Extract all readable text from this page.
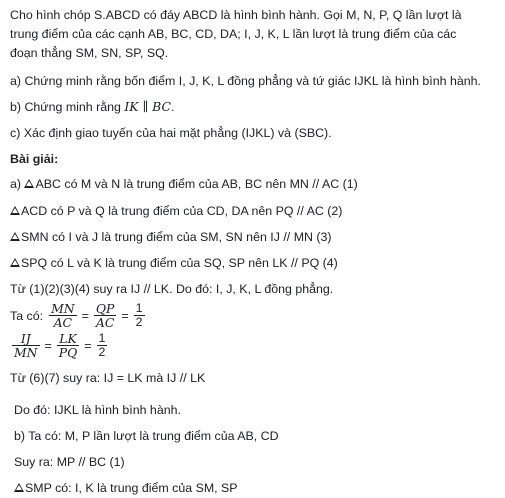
Cho hình chóp S.ABCD có đáy ABCD là hình bình hành. Gọi M, N, P, Q lần lượt là trung điểm của các cạnh AB, BC, CD, DA; I, J, K, L lần lượt là trung điểm của các đoạn thẳng SM, SN, SP, SQ.
a) Chứng minh rằng bốn điểm I, J, K, L đồng phẳng và tứ giác IJKL là hình bình hành.
b) Chứng minh rằng IK ∥ BC.
c) Xác định giao tuyến của hai mặt phẳng (IJKL) và (SBC).
Bài giải:
a) ABC có M và N là trung điểm của AB, BC nên MN // AC (1)
ACD có P và Q là trung điểm của CD, DA nên PQ // AC (2)
SMN có I và J là trung điểm của SM, SN nên IJ // MN (3)
SPQ có L và K là trung điểm của SQ, SP nên LK // PQ (4)
Từ (1)(2)(3)(4) suy ra IJ // LK. Do đó: I, J, K, L đồng phẳng.
Ta có: $\frac{MN}{AC} = \frac{QP}{AC} = \frac{1}{2}$
$\frac{IJ}{MN} = \frac{LK}{PQ} = \frac{1}{2}$
Từ (6)(7) suy ra: IJ = LK mà IJ // LK
Do đó: IJKL là hình bình hành.
b) Ta có: M, P lần lượt là trung điểm của AB, CD
Suy ra: MP // BC (1)
SMP có: I, K là trung điểm của SM, SP
